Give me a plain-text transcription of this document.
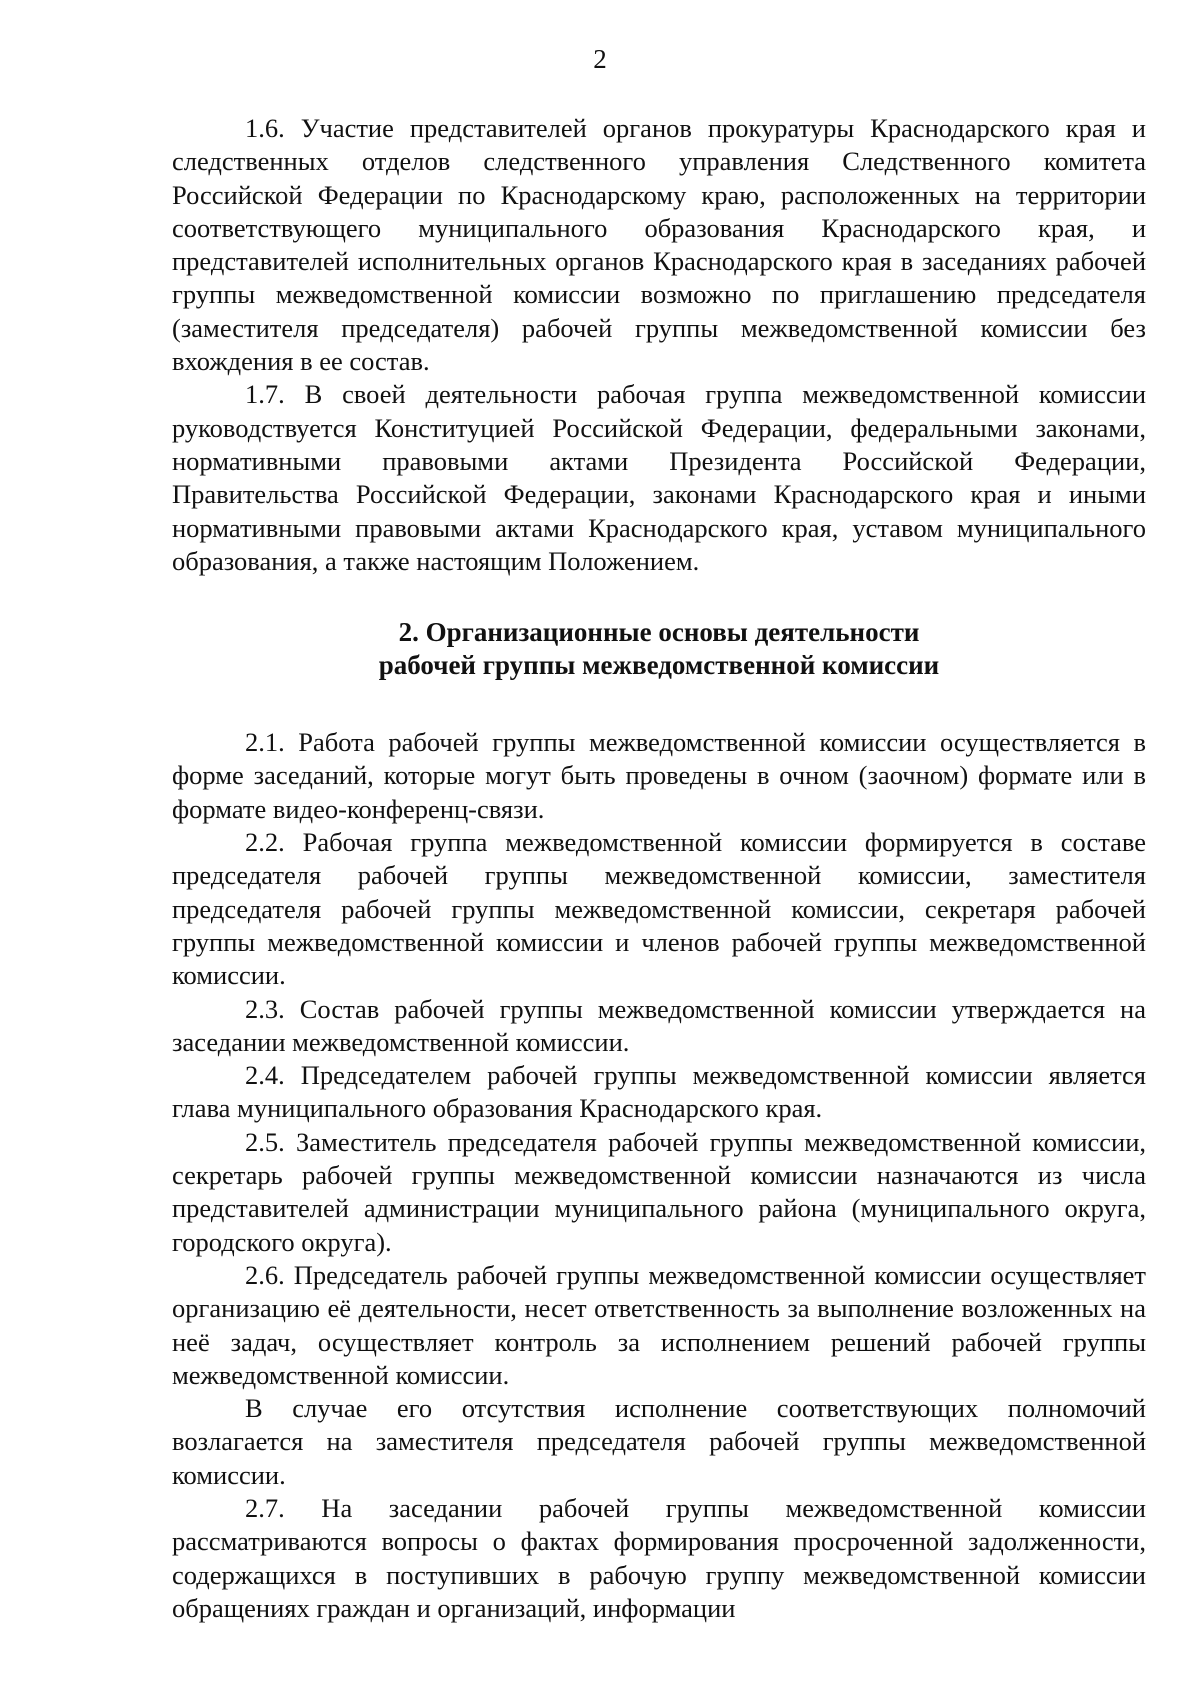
2

1.6. Участие представителей органов прокуратуры Краснодарского края и следственных отделов следственного управления Следственного комитета Российской Федерации по Краснодарскому краю, расположенных на территории соответствующего муниципального образования Краснодарского края, и представителей исполнительных органов Краснодарского края в заседаниях рабочей группы межведомственной комиссии возможно по приглашению председателя (заместителя председателя) рабочей группы межведомственной комиссии без вхождения в ее состав.

1.7. В своей деятельности рабочая группа межведомственной комиссии руководствуется Конституцией Российской Федерации, федеральными законами, нормативными правовыми актами Президента Российской Федерации, Правительства Российской Федерации, законами Краснодарского края и иными нормативными правовыми актами Краснодарского края, уставом муниципального образования, а также настоящим Положением.

2. Организационные основы деятельности

рабочей группы межведомственной комиссии

2.1. Работа рабочей группы межведомственной комиссии осуществляется в форме заседаний, которые могут быть проведены в очном (заочном) формате или в формате видео-конференц-связи.

2.2. Рабочая группа межведомственной комиссии формируется в составе председателя рабочей группы межведомственной комиссии, заместителя председателя рабочей группы межведомственной комиссии, секретаря рабочей группы межведомственной комиссии и членов рабочей группы межведомственной комиссии.

2.3. Состав рабочей группы межведомственной комиссии утверждается на заседании межведомственной комиссии.

2.4. Председателем рабочей группы межведомственной комиссии является глава муниципального образования Краснодарского края.

2.5. Заместитель председателя рабочей группы межведомственной комиссии, секретарь рабочей группы межведомственной комиссии назначаются из числа представителей администрации муниципального района (муниципального округа, городского округа).

2.6. Председатель рабочей группы межведомственной комиссии осуществляет организацию её деятельности, несет ответственность за выполнение возложенных на неё задач, осуществляет контроль за исполнением решений рабочей группы межведомственной комиссии.

В случае его отсутствия исполнение соответствующих полномочий возлагается на заместителя председателя рабочей группы межведомственной комиссии.

2.7. На заседании рабочей группы межведомственной комиссии рассматриваются вопросы о фактах формирования просроченной задолженности, содержащихся в поступивших в рабочую группу межведомственной комиссии обращениях граждан и организаций, информации
